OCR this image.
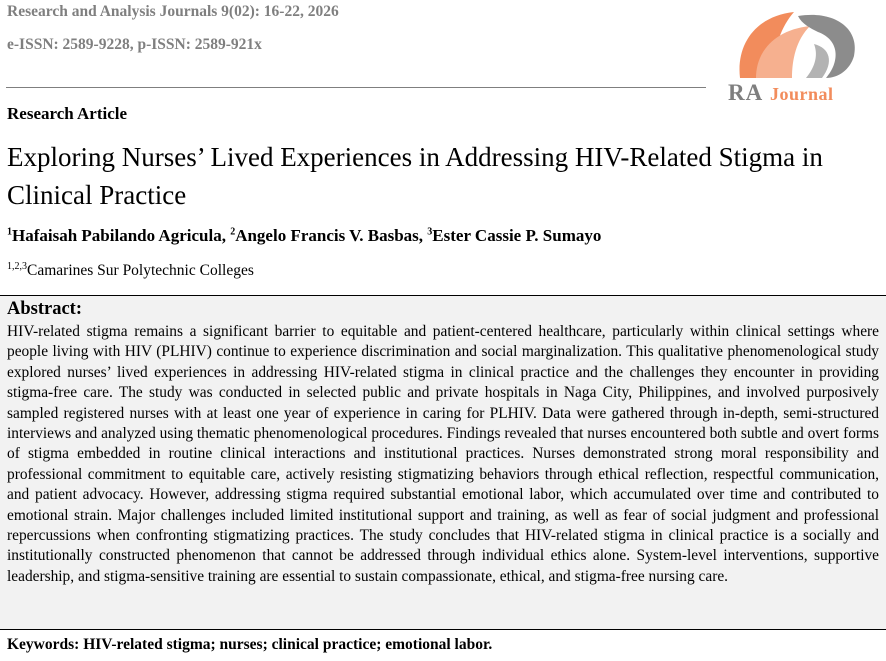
Research and Analysis Journals 9(02): 16-22, 2026

e-ISSN: 2589-9228, p-ISSN: 2589-921x

RA Journal

Research Article

Exploring Nurses’ Lived Experiences in Addressing HIV-Related Stigma in Clinical Practice

$^1$Hafaisah Pabilando Agricula, $^2$Angelo Francis V. Basbas, $^3$Ester Cassie P. Sumayo

$^{1,2,3}$Camarines Sur Polytechnic Colleges

Abstract:

HIV-related stigma remains a significant barrier to equitable and patient-centered healthcare, particularly within clinical settings where people living with HIV (PLHIV) continue to experience discrimination and social marginalization. This qualitative phenomenological study explored nurses’ lived experiences in addressing HIV-related stigma in clinical practice and the challenges they encounter in providing stigma-free care. The study was conducted in selected public and private hospitals in Naga City, Philippines, and involved purposively sampled registered nurses with at least one year of experience in caring for PLHIV. Data were gathered through in-depth, semi-structured interviews and analyzed using thematic phenomenological procedures. Findings revealed that nurses encountered both subtle and overt forms of stigma embedded in routine clinical interactions and institutional practices. Nurses demonstrated strong moral responsibility and professional commitment to equitable care, actively resisting stigmatizing behaviors through ethical reflection, respectful communication, and patient advocacy. However, addressing stigma required substantial emotional labor, which accumulated over time and contributed to emotional strain. Major challenges included limited institutional support and training, as well as fear of social judgment and professional repercussions when confronting stigmatizing practices. The study concludes that HIV-related stigma in clinical practice is a socially and institutionally constructed phenomenon that cannot be addressed through individual ethics alone. System-level interventions, supportive leadership, and stigma-sensitive training are essential to sustain compassionate, ethical, and stigma-free nursing care.

Keywords: HIV-related stigma; nurses; clinical practice; emotional labor.
